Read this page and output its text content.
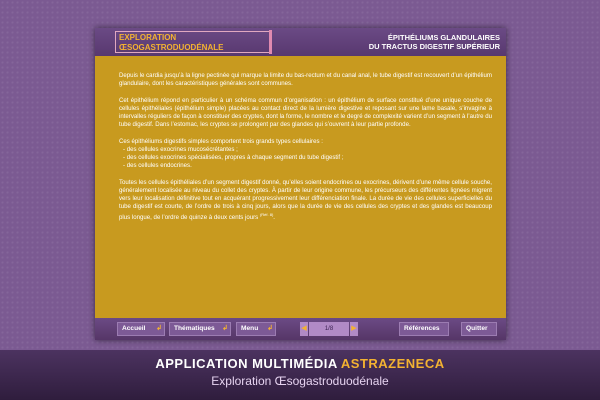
EXPLORATION
ŒSOGASTRODUODÉNALE
ÉPITHÉLIUMS GLANDULAIRES
DU TRACTUS DIGESTIF SUPÉRIEUR

Depuis le cardia jusqu’à la ligne pectinée qui marque la limite du bas-rectum et du canal anal, le tube digestif est recouvert d’un épithélium glandulaire, dont les caractéristiques générales sont communes.

Cet épithélium répond en particulier à un schéma commun d’organisation : un épithélium de surface constitué d’une unique couche de cellules épithéliales (épithélium simple) placées au contact direct de la lumière digestive et reposant sur une lame basale, s’invagine à intervalles réguliers de façon à constituer des cryptes, dont la forme, le nombre et le degré de complexité varient d’un segment à l’autre du tube digestif. Dans l’estomac, les cryptes se prolongent par des glandes qui s’ouvrent à leur partie profonde.

Ces épithéliums digestifs simples comportent trois grands types cellulaires :
- des cellules exocrines mucosécrétantes ;
- des cellules exocrines spécialisées, propres à chaque segment du tube digestif ;
- des cellules endocrines.

Toutes les cellules épithéliales d’un segment digestif donné, qu’elles soient endocrines ou exocrines, dérivent d’une même cellule souche, généralement localisée au niveau du collet des cryptes. À partir de leur origine commune, les précurseurs des différentes lignées migrent vers leur localisation définitive tout en acquérant progressivement leur différenciation finale. La durée de vie des cellules superficielles du tube digestif est courte, de l’ordre de trois à cinq jours, alors que la durée de vie des cellules des cryptes et des glandes est beaucoup plus longue, de l’ordre de quinze à deux cents jours $^{(Réf. 8)}$.

Accueil ↲	Thématiques ↲	Menu ↲	◀	1/8	▶	Références	Quitter
APPLICATION MULTIMÉDIA ASTRAZENECA
Exploration Œsogastroduodénale
